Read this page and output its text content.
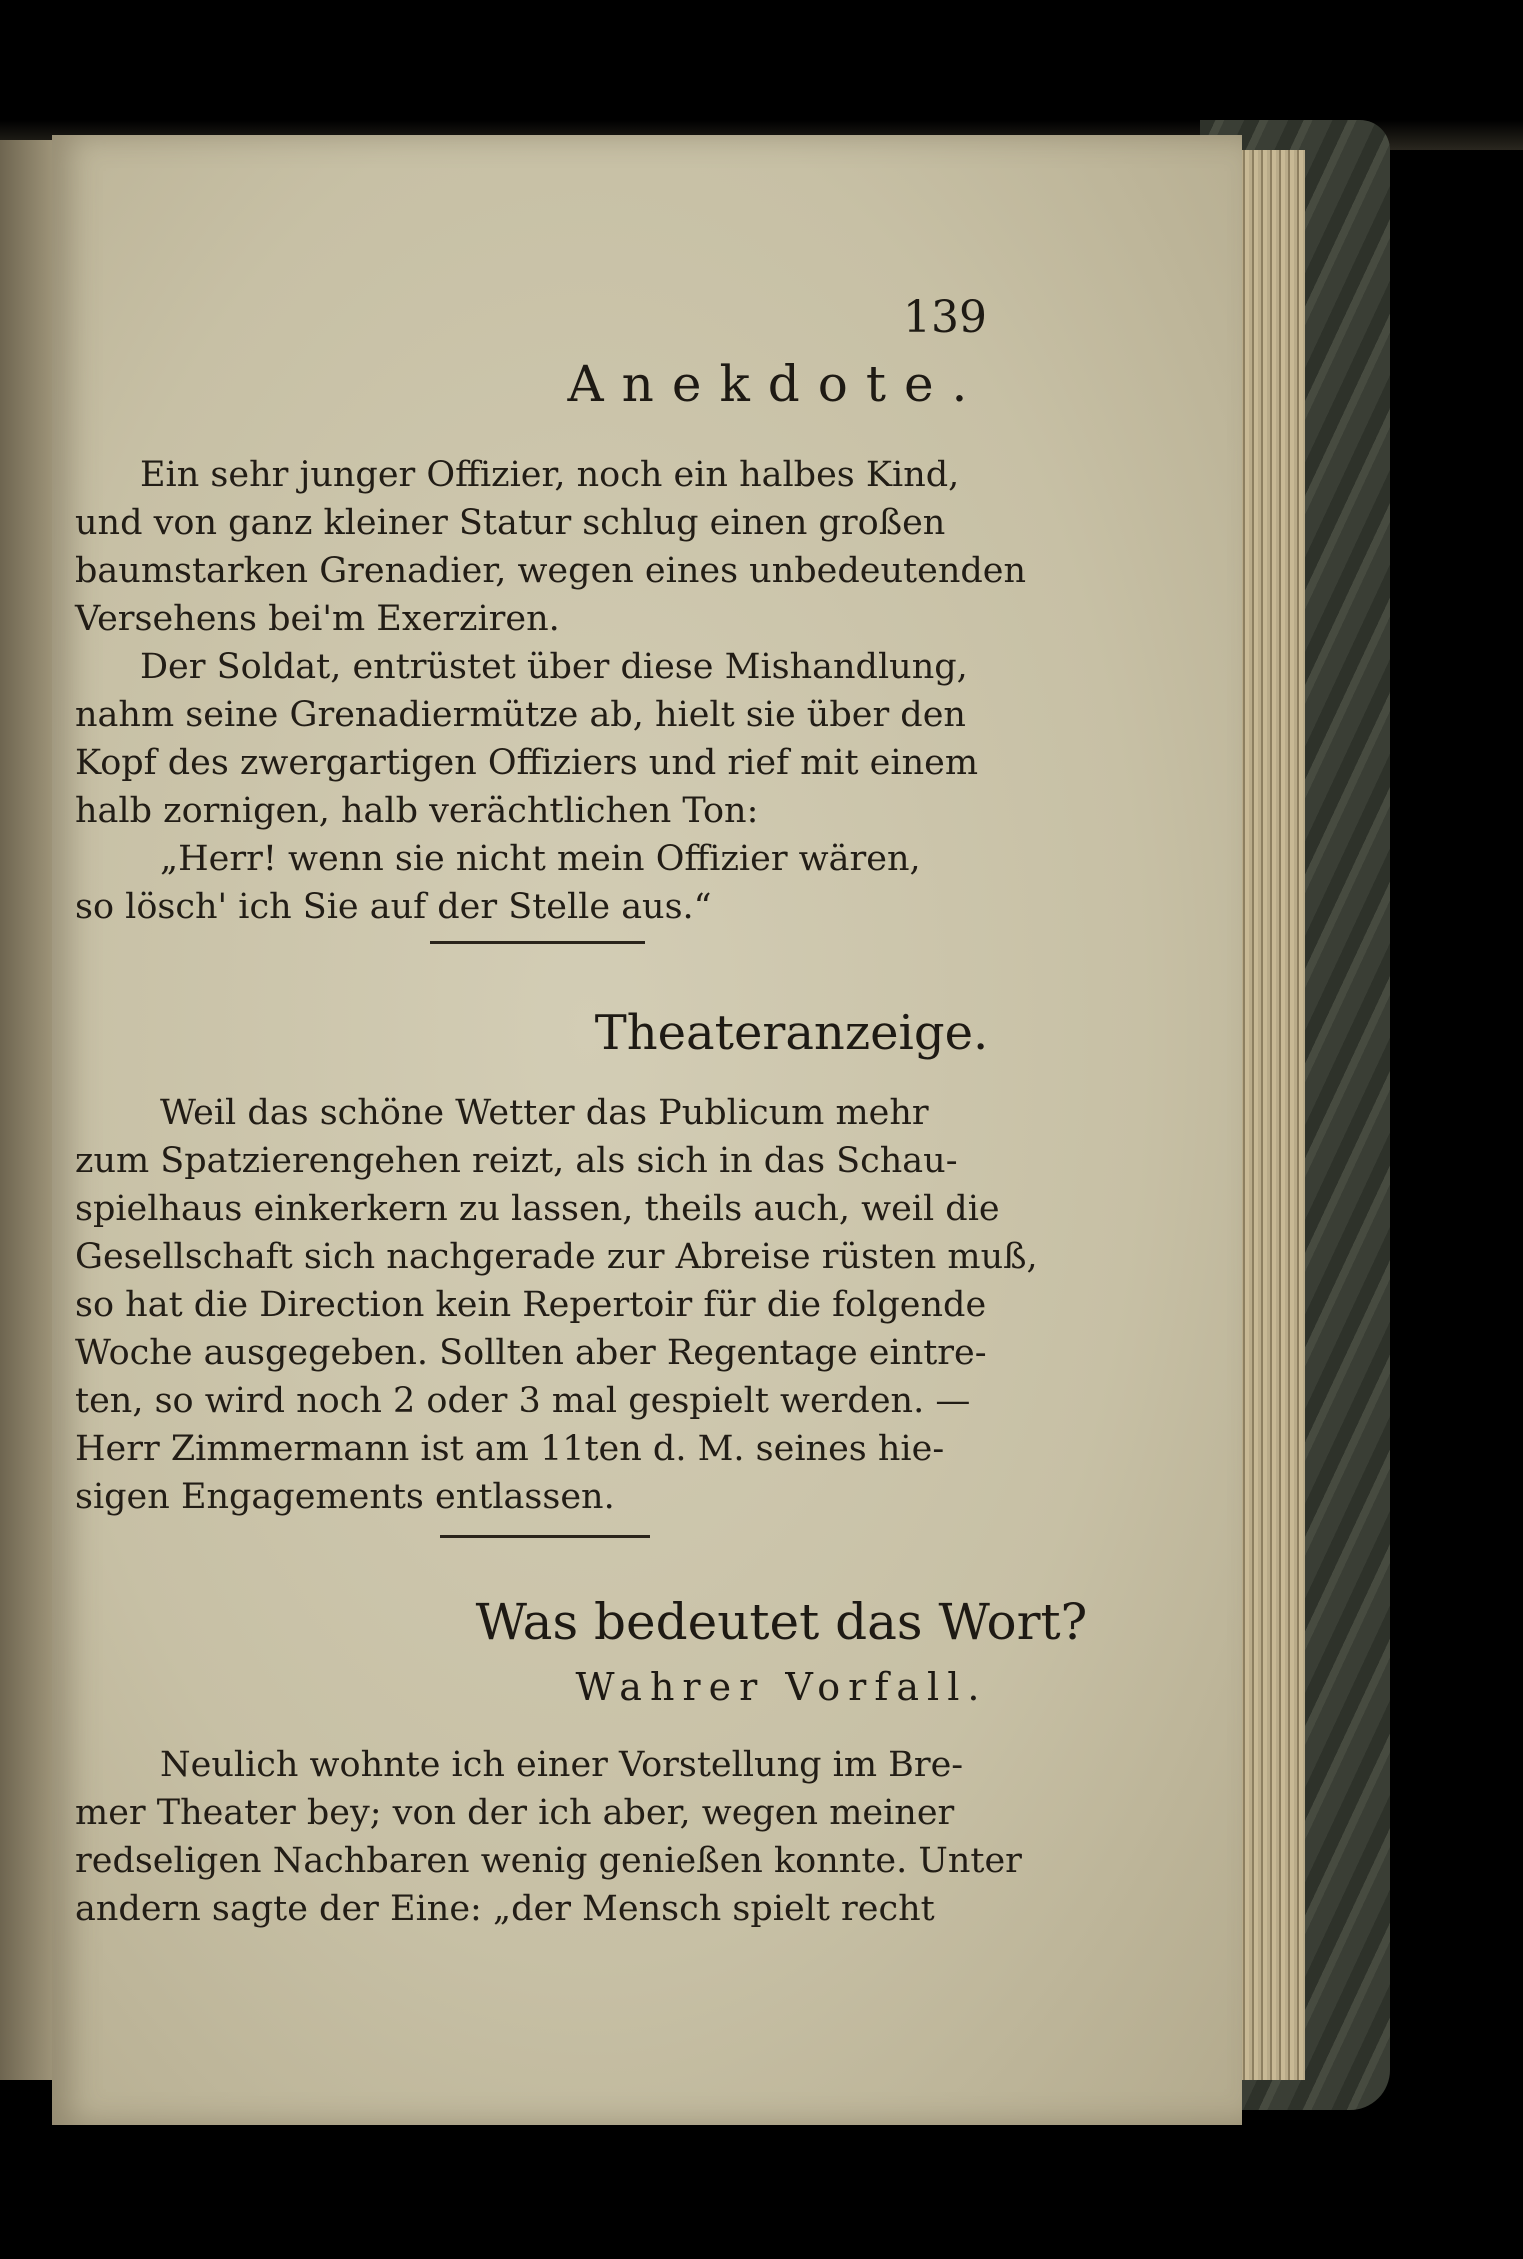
139
Anekdote.
Ein sehr junger Offizier, noch ein halbes Kind,
und von ganz kleiner Statur schlug einen großen
baumstarken Grenadier, wegen eines unbedeutenden
Versehens bei'm Exerziren.
Der Soldat, entrüstet über diese Mishandlung,
nahm seine Grenadiermütze ab, hielt sie über den
Kopf des zwergartigen Offiziers und rief mit einem
halb zornigen, halb verächtlichen Ton:
„Herr! wenn sie nicht mein Offizier wären,
so lösch' ich Sie auf der Stelle aus.“
Theateranzeige.
Weil das schöne Wetter das Publicum mehr
zum Spatzierengehen reizt, als sich in das Schau-
spielhaus einkerkern zu lassen, theils auch, weil die
Gesellschaft sich nachgerade zur Abreise rüsten muß,
so hat die Direction kein Repertoir für die folgende
Woche ausgegeben. Sollten aber Regentage eintre-
ten, so wird noch 2 oder 3 mal gespielt werden. —
Herr Zimmermann ist am 11ten d. M. seines hie-
sigen Engagements entlassen.
Was bedeutet das Wort?
Wahrer Vorfall.
Neulich wohnte ich einer Vorstellung im Bre-
mer Theater bey; von der ich aber, wegen meiner
redseligen Nachbaren wenig genießen konnte. Unter
andern sagte der Eine: „der Mensch spielt recht
